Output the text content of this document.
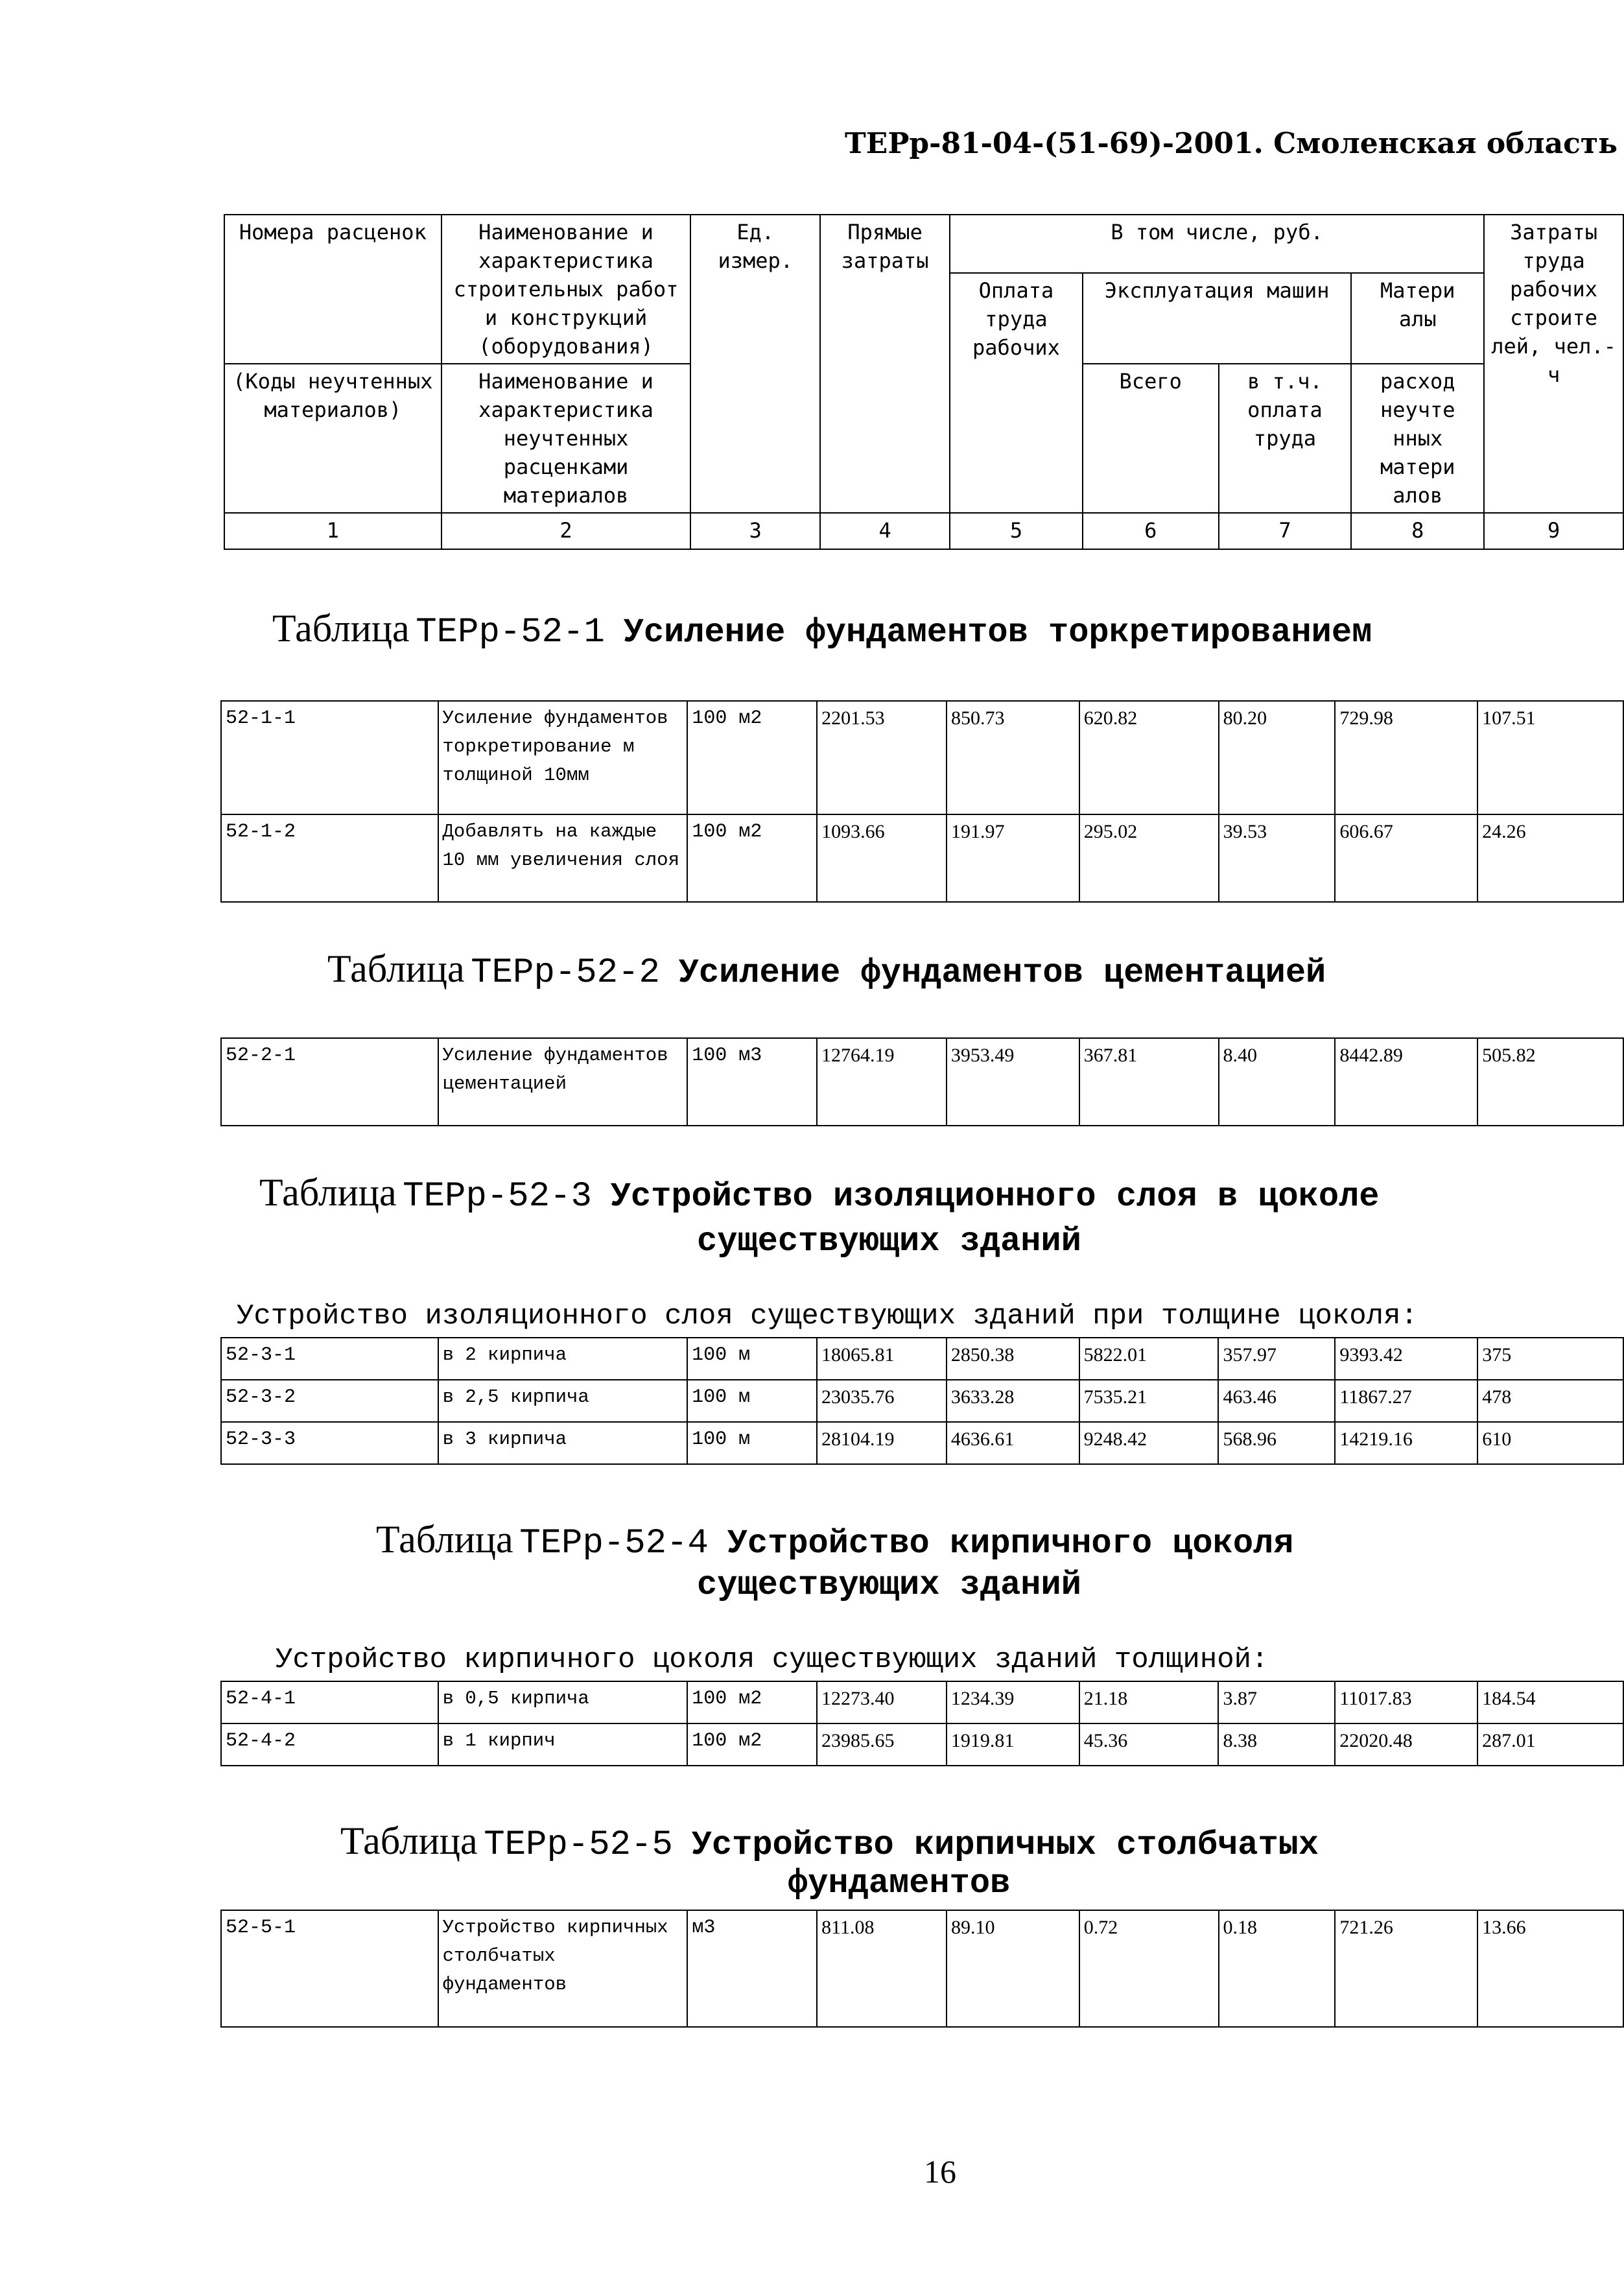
ТЕРр-81-04-(51-69)-2001. Смоленская область
Номера расценок	Наименование и характеристика строительных работ и конструкций (оборудования)	Ед. измер.	Прямые затраты	В том числе, руб.				Затраты труда рабочих строите лей, чел.-ч
				Оплата труда рабочих	Эксплуатация машин		Матери алы	
(Коды неучтенных материалов)	Наименование и характеристика неучтенных расценками материалов				Всего	в т.ч. оплата труда	расход неучте нных матери алов	

1	2	3	4	5	6	7	8	9
Таблица ТЕРр-52-1 Усиление фундаментов торкретированием
52-1-1	Усиление фундаментов торкретирование м толщиной 10мм	100 м2	2201.53	850.73	620.82	80.20	729.98	107.51
52-1-2	Добавлять на каждые 10 мм увеличения слоя	100 м2	1093.66	191.97	295.02	39.53	606.67	24.26
Таблица ТЕРр-52-2 Усиление фундаментов цементацией
52-2-1	Усиление фундаментов цементацией	100 м3	12764.19	3953.49	367.81	8.40	8442.89	505.82
Таблица ТЕРр-52-3 Устройство изоляционного слоя в цоколе
существующих зданий
Устройство изоляционного слоя существующих зданий при толщине цоколя:
52-3-1	в 2 кирпича	100 м	18065.81	2850.38	5822.01	357.97	9393.42	375
52-3-2	в 2,5 кирпича	100 м	23035.76	3633.28	7535.21	463.46	11867.27	478
52-3-3	в 3 кирпича	100 м	28104.19	4636.61	9248.42	568.96	14219.16	610
Таблица ТЕРр-52-4 Устройство кирпичного цоколя
существующих зданий
Устройство кирпичного цоколя существующих зданий толщиной:
52-4-1	в 0,5 кирпича	100 м2	12273.40	1234.39	21.18	3.87	11017.83	184.54
52-4-2	в 1 кирпич	100 м2	23985.65	1919.81	45.36	8.38	22020.48	287.01
Таблица ТЕРр-52-5 Устройство кирпичных столбчатых
фундаментов
52-5-1	Устройство кирпичных столбчатых фундаментов	м3	811.08	89.10	0.72	0.18	721.26	13.66
16
